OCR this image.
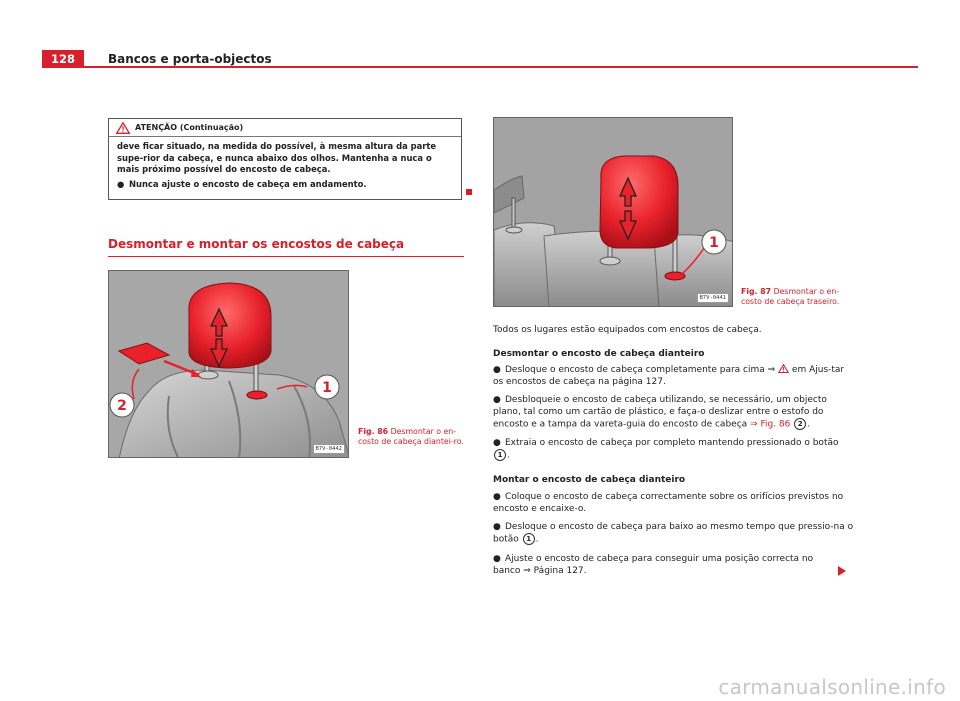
128	Bancos e porta-objectos
ATENÇÃO (Continuação)

deve ficar situado, na medida do possível, à mesma altura da parte supe-rior da cabeça, e nunca abaixo dos olhos. Mantenha a nuca o mais próximo possível do encosto de cabeça.

● Nunca ajuste o encosto de cabeça em andamento.

Desmontar e montar os encostos de cabeça
1
2
B7V-0442
Fig. 86 Desmontar o en-costo de cabeça diantei-ro.
1
B7V-0441
Fig. 87 Desmontar o en-costo de cabeça traseiro.
Todos os lugares estão equipados com encostos de cabeça.
Desmontar o encosto de cabeça dianteiro
● Desloque o encosto de cabeça completamente para cima ⇒ em Ajus-tar os encostos de cabeça na página 127.
● Desbloqueie o encosto de cabeça utilizando, se necessário, um objecto plano, tal como um cartão de plástico, e faça-o deslizar entre o estofo do encosto e a tampa da vareta-guia do encosto de cabeça ⇒ Fig. 86 2 .
● Extraia o encosto de cabeça por completo mantendo pressionado o botão 1 .
Montar o encosto de cabeça dianteiro
● Coloque o encosto de cabeça correctamente sobre os orifícios previstos no encosto e encaixe-o.
● Desloque o encosto de cabeça para baixo ao mesmo tempo que pressio-na o botão 1 .
● Ajuste o encosto de cabeça para conseguir uma posição correcta no banco ⇒ Página 127.
carmanualsonline.info
